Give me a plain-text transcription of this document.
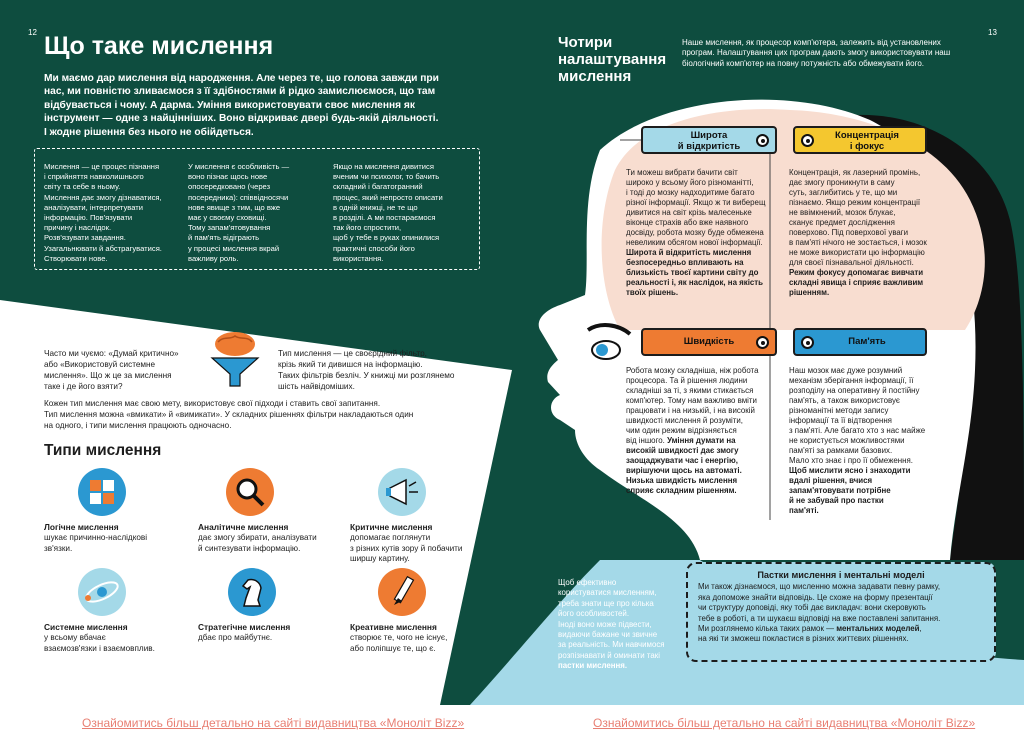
12 Що таке мислення
Ми маємо дар мислення від народження. Але через те, що голова завжди при
нас, ми повністю зливаємося з її здібностями й рідко замислюємося, що там
відбувається і чому. А дарма. Уміння використовувати своє мислення як
інструмент — одне з найцінніших. Воно відкриває двері будь-якій діяльності.
І жодне рішення без нього не обійдеться.
Мислення — це процес пізнання
і сприйняття навколишнього
світу та себе в ньому.
Мислення дає змогу дізнаватися,
аналізувати, інтерпретувати
інформацію. Пов'язувати
причину і наслідок.
Розв'язувати завдання.
Узагальнювати й абстрагуватися.
Створювати нове.
У мислення є особливість —
воно пізнає щось нове
опосередковано (через
посередника): співвідносячи
нове явище з тим, що вже
має у своєму сховищі.
Тому запам'ятовування
й пам'ять відіграють
у процесі мислення вкрай
важливу роль.
Якщо на мислення дивитися
вченим чи психолог, то бачить
складний і багатогранний
процес, який непросто описати
в одній книжці, не те що
в розділі. А ми постараємося
так його спростити,
щоб у тебе в руках опинилися
практичні способи його
використання.
Часто ми чуємо: «Думай критично»
або «Використовуй системне
мислення». Що ж це за мислення
таке і де його взяти?
Тип мислення — це своєрідний фільтр,
крізь який ти дивишся на інформацію.
Таких фільтрів безліч. У книжці ми розглянемо
шість найвідоміших.
Кожен тип мислення має свою мету, використовує свої підходи і ставить свої запитання.
Тип мислення можна «вмикати» й «вимикати». У складних рішеннях фільтри накладаються один
на одного, і типи мислення працюють одночасно.
Типи мислення
Логічне мислення
шукає причинно-наслідкові
зв'язки.
Аналітичне мислення
дає змогу збирати, аналізувати
й синтезувати інформацію.
Критичне мислення
допомагає поглянути
з різних кутів зору й побачити
ширшу картину.
Системне мислення
у всьому вбачає
взаємозв'язки і взаємовплив.
Стратегічне мислення
дбає про майбутнє.
Креативне мислення
створює те, чого не існує,
або поліпшує те, що є.
Ознайомитись більш детально на сайті видавництва «Моноліт Bizz»
13
Чотири
налаштування
мислення
Наше мислення, як процесор комп'ютера, залежить від установлених
програм. Налаштування цих програм дають змогу використовувати наш
біологічний комп'ютер на повну потужність або обмежувати його.
Широта
й відкритість
Концентрація
і фокус
Швидкість	Пам'ять
Ти можеш вибрати бачити світ
широко у всьому його різноманітті,
і тоді до мозку надходитиме багато
різної інформації. Якщо ж ти виберещ
дивитися на світ крізь малесеньке
віконце страхів або вже наявного
досвіду, робота мозку буде обмежена
невеликим обсягом нової інформації.
Широта й відкритість мислення
безпосередньо впливають на
близькість твоєї картини світу до
реальності і, як наслідок, на якість
твоїх рішень.
Концентрація, як лазерний промінь,
дає змогу проникнути в саму
суть, заглибитись у те, що ми
пізнаємо. Якщо режим концентрації
не ввімкнений, мозок блукає,
сканує предмет дослідження
поверхово. Під поверхової уваги
в пам'яті нічого не зостається, і мозок
не може використати цю інформацію
для своєї пізнавальної діяльності.
Режим фокусу допомагає вивчати
складні явища і сприяє важливим
рішенням.
Робота мозку складніша, ніж робота
процесора. Та й рішення людини
складніші за ті, з якими стикається
комп'ютер. Тому нам важливо вміти
працювати і на низькій, і на високій
швидкості мислення й розуміти,
чим один режим відрізняється
від іншого. Уміння думати на
високій швидкості дає змогу
заощаджувати час і енергію,
вирішуючи щось на автоматі.
Низька швидкість мислення
сприяє складним рішенням.
Наш мозок має дуже розумний
механізм зберігання інформації, її
розподілу на оперативну й постійну
пам'ять, а також використовує
різноманітні методи запису
інформації та її відтворення
з пам'яті. Але багато хто з нас майже
не користується можливостями
пам'яті за рамками базових.
Мало хто знає і про її обмеження.
Щоб мислити ясно і знаходити
вдалі рішення, вчися
запам'ятовувати потрібне
й не забувай про пастки
пам'яті.
Щоб ефективно
користуватися мисленням,
треба знати ще про кілька
його особливостей.
Іноді воно може підвести,
видаючи бажане чи звичне
за реальність. Ми навчимося
розпізнавати й оминати такі
пастки мислення.
Пастки мислення і ментальні моделі
Ми також дізнаємося, що мисленню можна задавати певну рамку,
яка допоможе знайти відповідь. Це схоже на форму презентації
чи структуру доповіді, яку тобі дає викладач: вони скеровують
тебе в роботі, а ти шукаєш відповіді на вже поставлені запитання.
Ми розглянемо кілька таких рамок — ментальних моделей,
на які ти зможеш покластися в різних життєвих рішеннях.
Ознайомитись більш детально на сайті видавництва «Моноліт Bizz»
